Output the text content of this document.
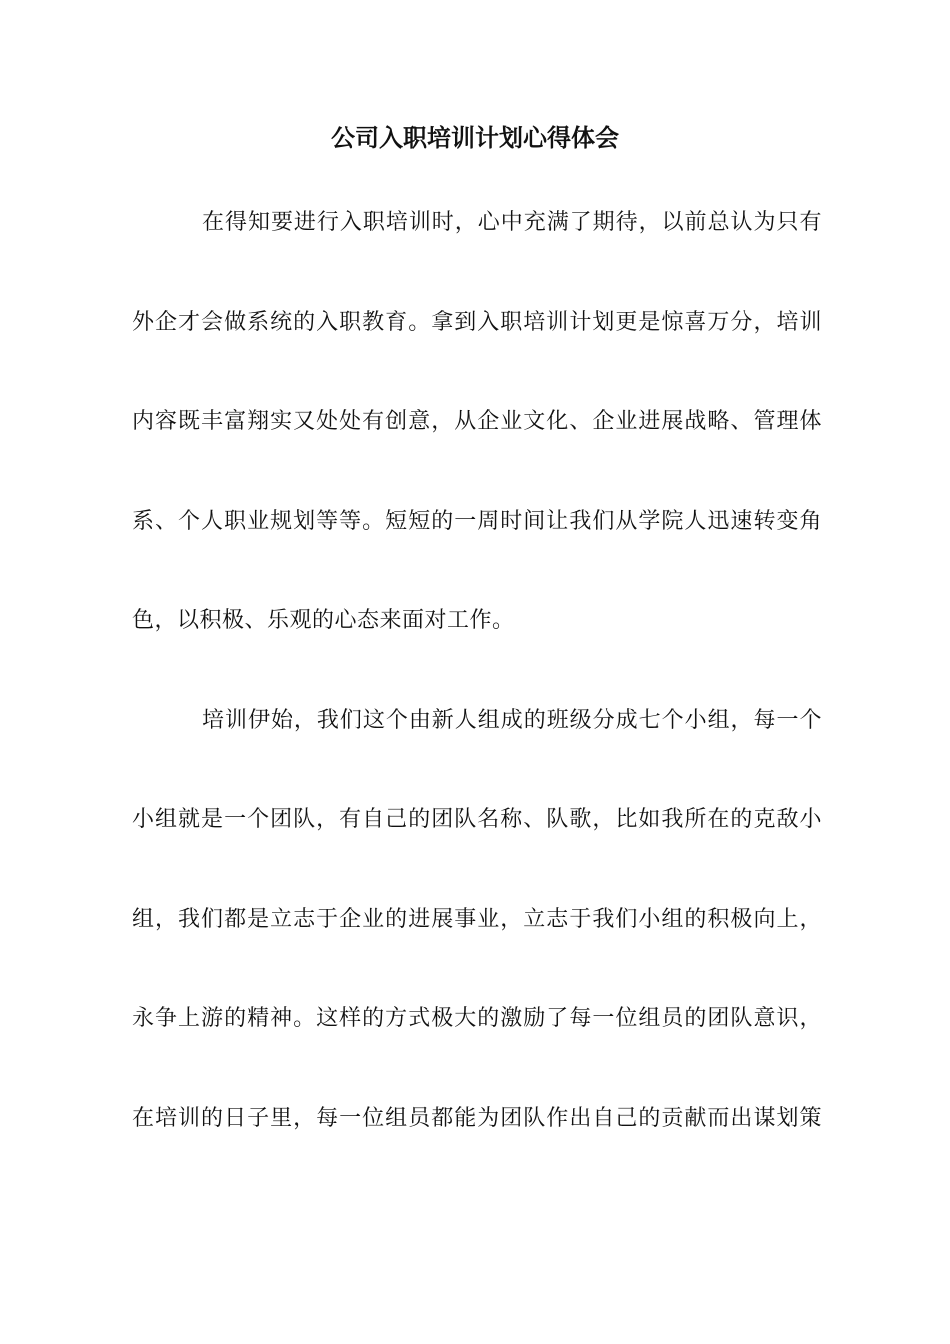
公司入职培训计划心得体会
在得知要进行入职培训时，心中充满了期待，以前总认为只有
外企才会做系统的入职教育。拿到入职培训计划更是惊喜万分，培训
内容既丰富翔实又处处有创意，从企业文化、企业进展战略、管理体
系、个人职业规划等等。短短的一周时间让我们从学院人迅速转变角
色，以积极、乐观的心态来面对工作。
培训伊始，我们这个由新人组成的班级分成七个小组，每一个
小组就是一个团队，有自己的团队名称、队歌，比如我所在的克敌小
组，我们都是立志于企业的进展事业，立志于我们小组的积极向上，
永争上游的精神。这样的方式极大的激励了每一位组员的团队意识，
在培训的日子里，每一位组员都能为团队作出自己的贡献而出谋划策
